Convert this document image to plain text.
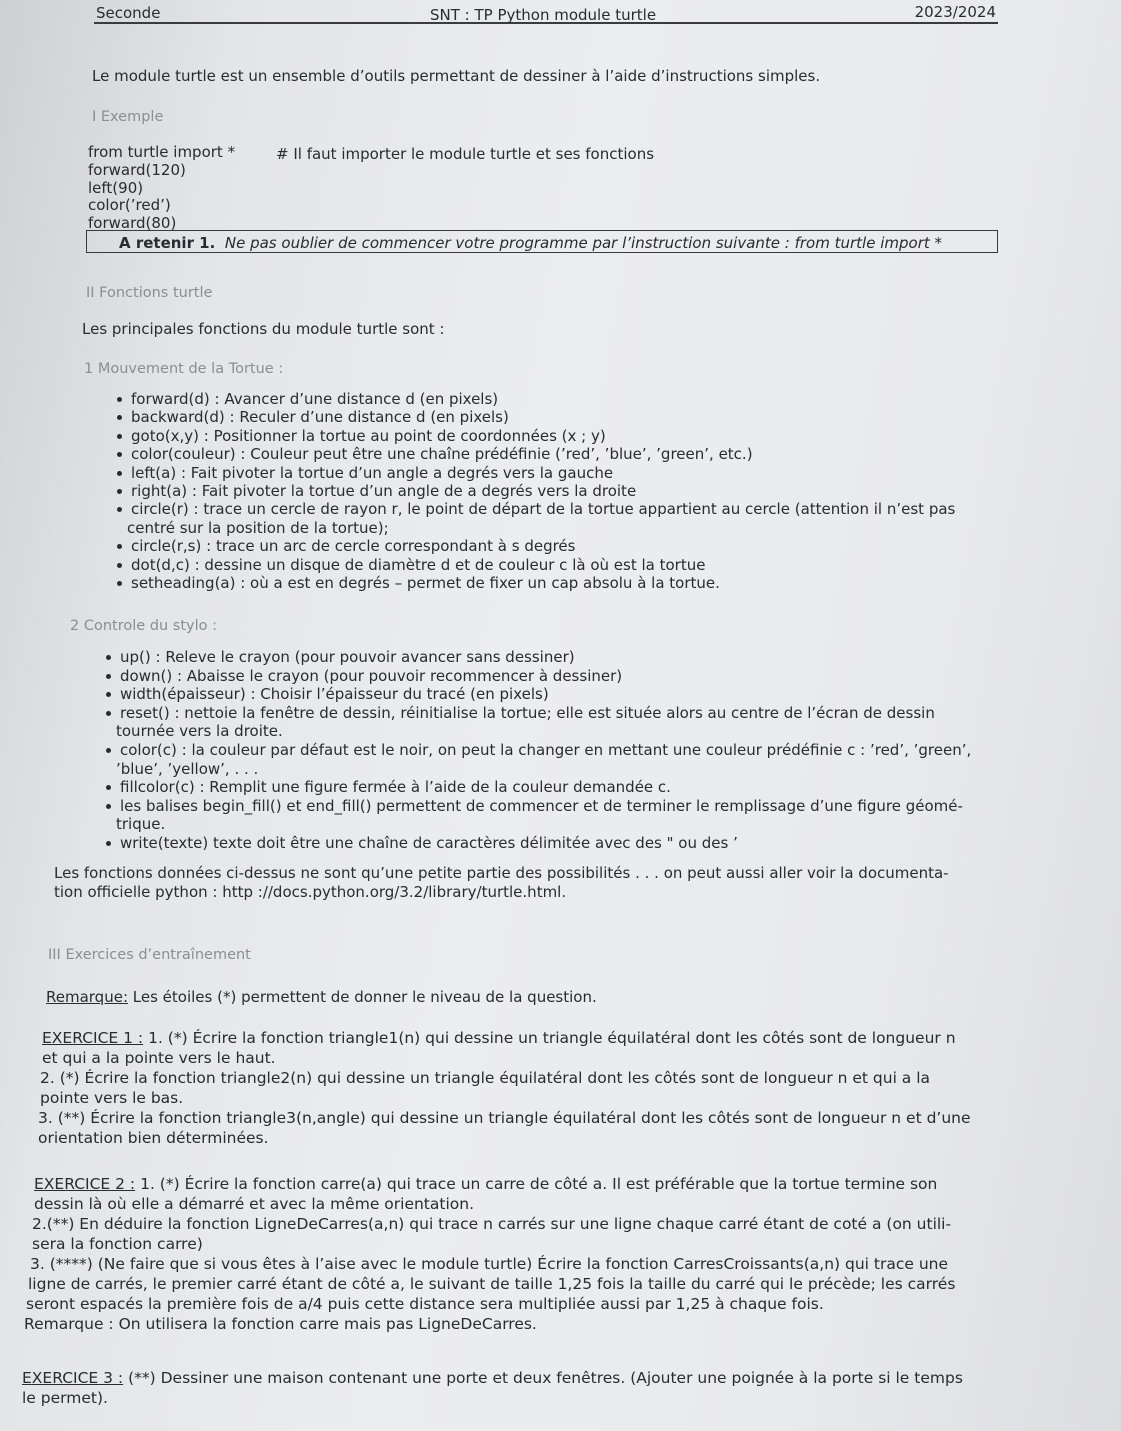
Seconde	SNT : TP Python module turtle	2023/2024
Le module turtle est un ensemble d’outils permettant de dessiner à l’aide d’instructions simples.
I Exemple
from turtle import *
forward(120)
left(90)
color(’red’)
forward(80)
# Il faut importer le module turtle et ses fonctions
A retenir 1. Ne pas oublier de commencer votre programme par l’instruction suivante : from turtle import *
II Fonctions turtle
Les principales fonctions du module turtle sont :
1 Mouvement de la Tortue :
forward(d) : Avancer d’une distance d (en pixels)
backward(d) : Reculer d’une distance d (en pixels)
goto(x,y) : Positionner la tortue au point de coordonnées (x ; y)
color(couleur) : Couleur peut être une chaîne prédéfinie (’red’, ’blue’, ’green’, etc.)
left(a) : Fait pivoter la tortue d’un angle a degrés vers la gauche
right(a) : Fait pivoter la tortue d’un angle de a degrés vers la droite
circle(r) : trace un cercle de rayon r, le point de départ de la tortue appartient au cercle (attention il n’est pas
centré sur la position de la tortue);
circle(r,s) : trace un arc de cercle correspondant à s degrés
dot(d,c) : dessine un disque de diamètre d et de couleur c là où est la tortue
setheading(a) : où a est en degrés – permet de fixer un cap absolu à la tortue.
2 Controle du stylo :
up() : Releve le crayon (pour pouvoir avancer sans dessiner)
down() : Abaisse le crayon (pour pouvoir recommencer à dessiner)
width(épaisseur) : Choisir l’épaisseur du tracé (en pixels)
reset() : nettoie la fenêtre de dessin, réinitialise la tortue; elle est située alors au centre de l’écran de dessin
tournée vers la droite.
color(c) : la couleur par défaut est le noir, on peut la changer en mettant une couleur prédéfinie c : ’red’, ’green’,
’blue’, ’yellow’, . . .
fillcolor(c) : Remplit une figure fermée à l’aide de la couleur demandée c.
les balises begin_fill() et end_fill() permettent de commencer et de terminer le remplissage d’une figure géomé-
trique.
write(texte) texte doit être une chaîne de caractères délimitée avec des " ou des ’
Les fonctions données ci-dessus ne sont qu’une petite partie des possibilités . . . on peut aussi aller voir la documenta-
tion officielle python : http ://docs.python.org/3.2/library/turtle.html.
III Exercices d’entraînement
Remarque: Les étoiles (*) permettent de donner le niveau de la question.
EXERCICE 1 : 1. (*) Écrire la fonction triangle1(n) qui dessine un triangle équilatéral dont les côtés sont de longueur n
et qui a la pointe vers le haut.
2. (*) Écrire la fonction triangle2(n) qui dessine un triangle équilatéral dont les côtés sont de longueur n et qui a la
pointe vers le bas.
3. (**) Écrire la fonction triangle3(n,angle) qui dessine un triangle équilatéral dont les côtés sont de longueur n et d’une
orientation bien déterminées.
EXERCICE 2 : 1. (*) Écrire la fonction carre(a) qui trace un carre de côté a. Il est préférable que la tortue termine son
dessin là où elle a démarré et avec la même orientation.
2.(**) En déduire la fonction LigneDeCarres(a,n) qui trace n carrés sur une ligne chaque carré étant de coté a (on utili-
sera la fonction carre)
3. (****) (Ne faire que si vous êtes à l’aise avec le module turtle) Écrire la fonction CarresCroissants(a,n) qui trace une
ligne de carrés, le premier carré étant de côté a, le suivant de taille 1,25 fois la taille du carré qui le précède; les carrés
seront espacés la première fois de a/4 puis cette distance sera multipliée aussi par 1,25 à chaque fois.
Remarque : On utilisera la fonction carre mais pas LigneDeCarres.
EXERCICE 3 : (**) Dessiner une maison contenant une porte et deux fenêtres. (Ajouter une poignée à la porte si le temps
le permet).
